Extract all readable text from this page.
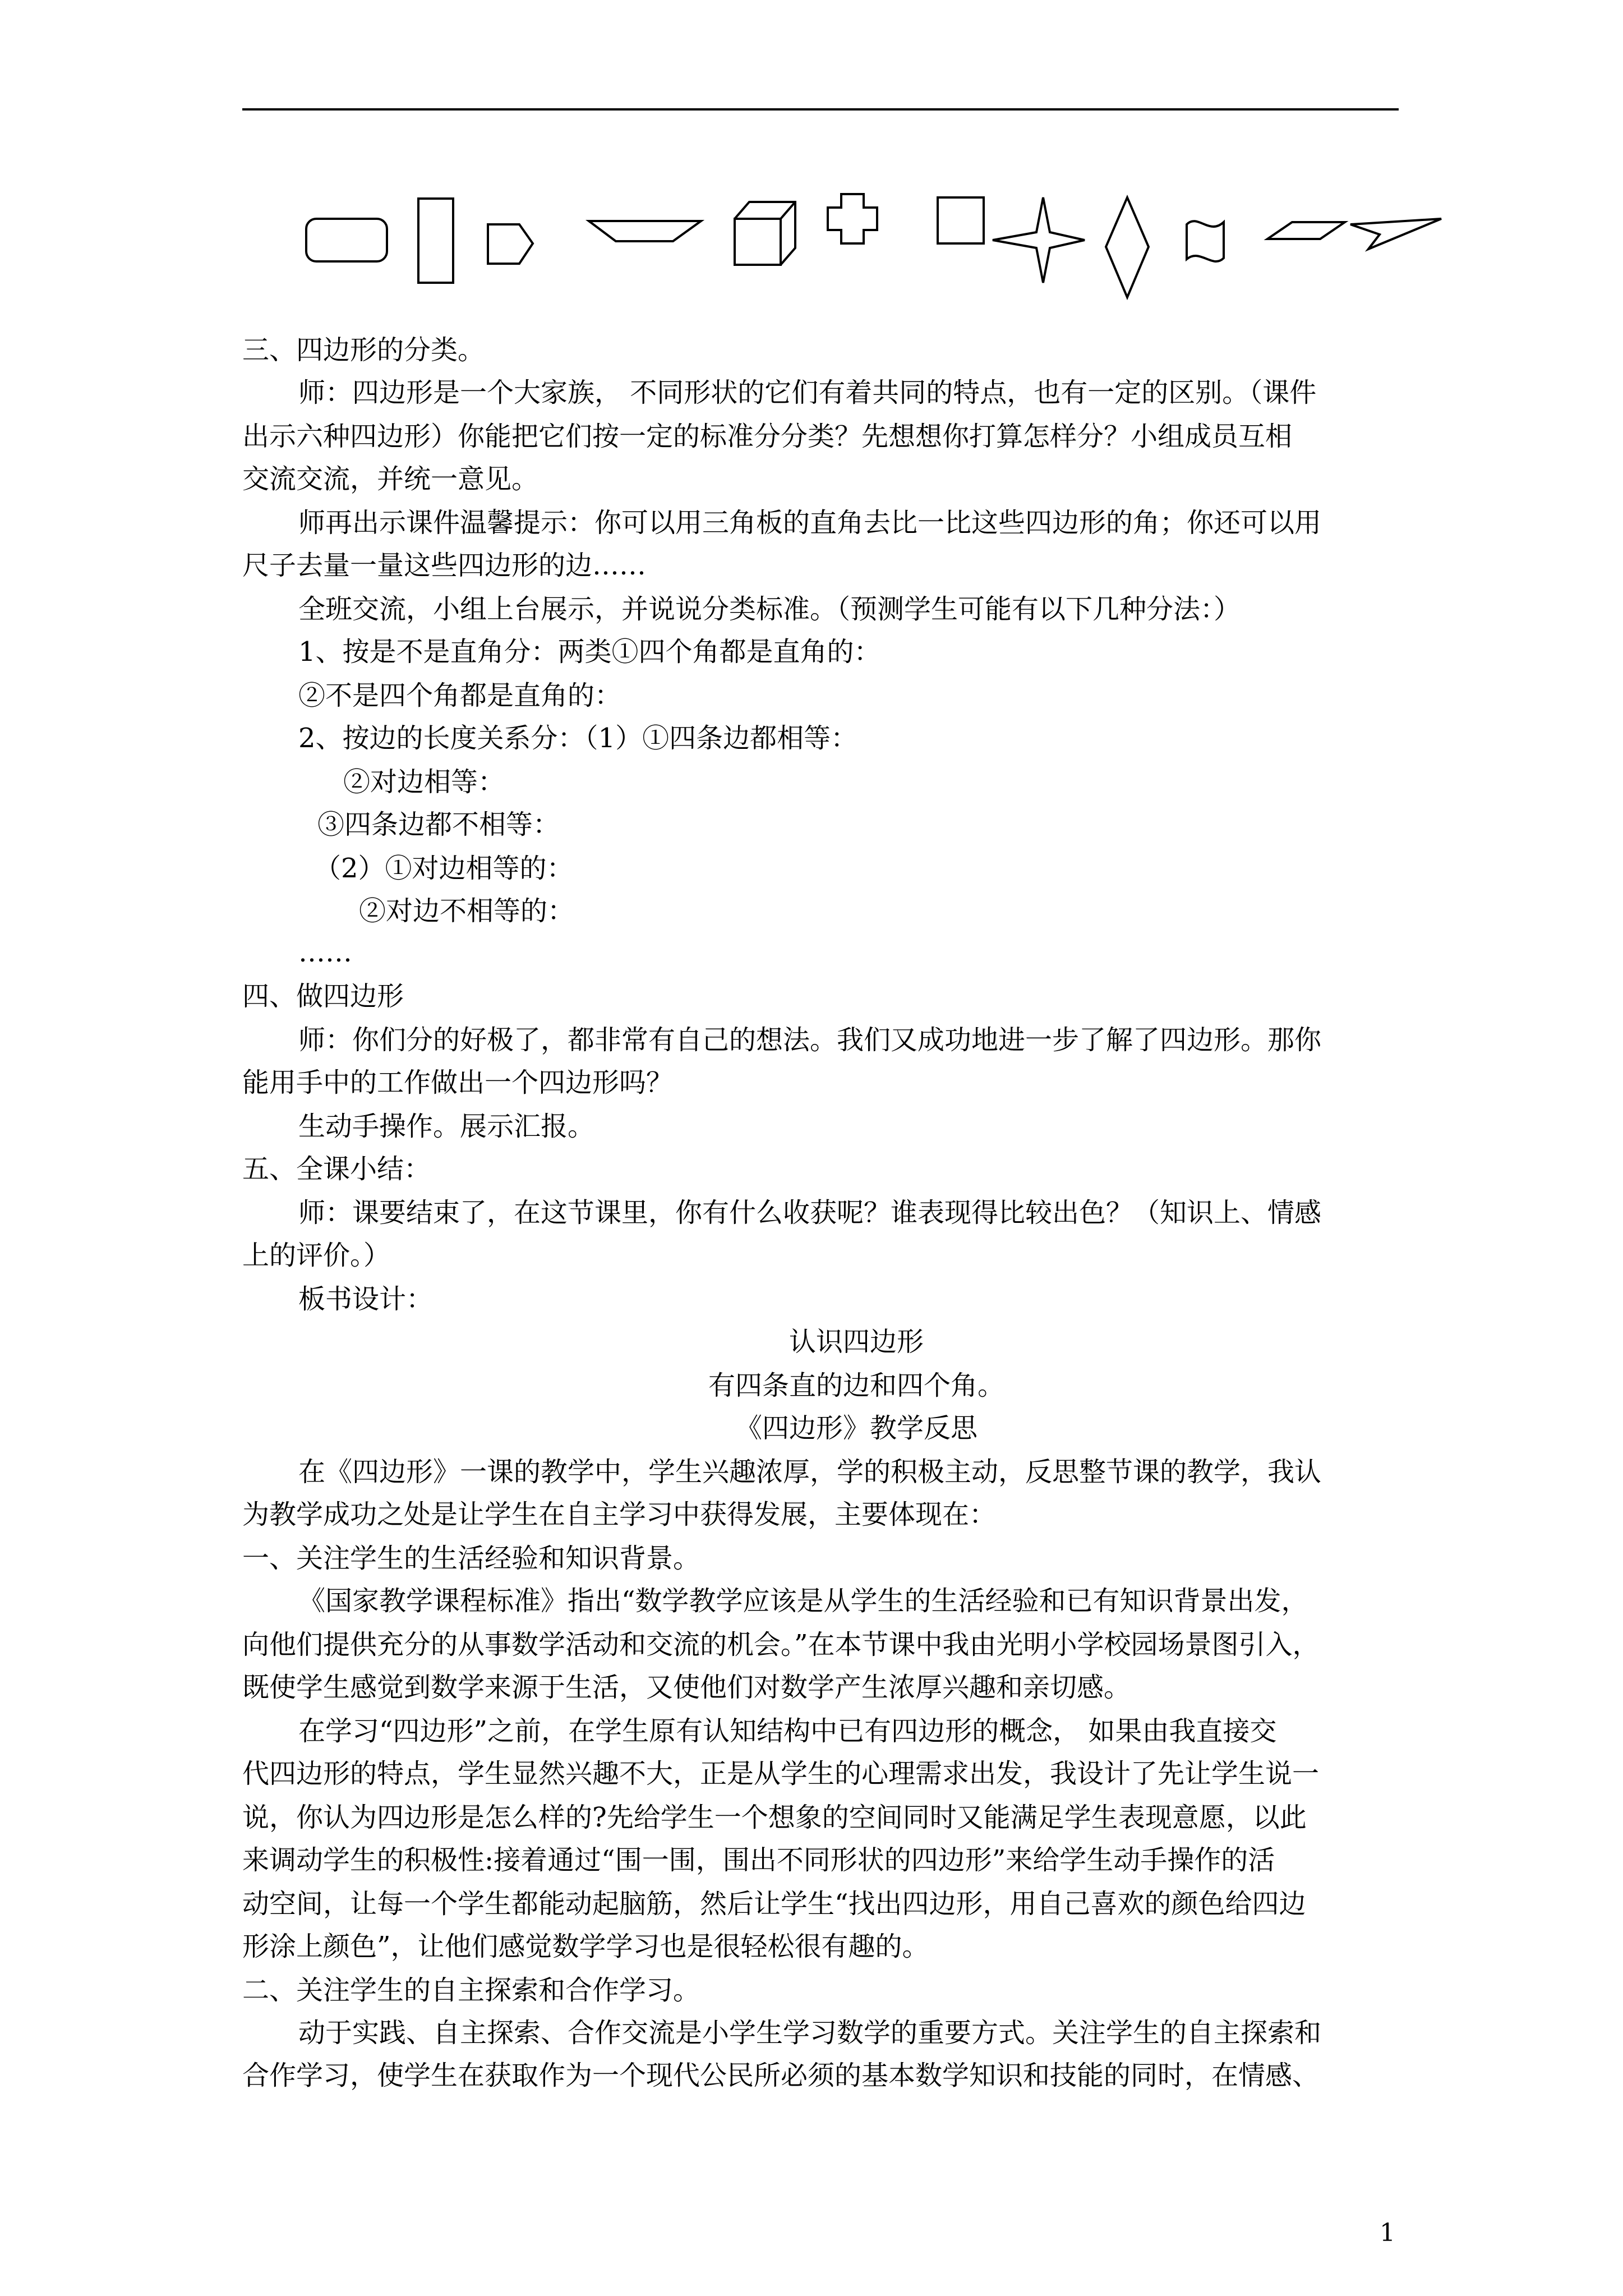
三、四边形的分类。
师：四边形是一个大家族， 不同形状的它们有着共同的特点，也有一定的区别。（课件
出示六种四边形）你能把它们按一定的标准分分类？先想想你打算怎样分？小组成员互相
交流交流，并统一意见。
师再出示课件温馨提示：你可以用三角板的直角去比一比这些四边形的角；你还可以用
尺子去量一量这些四边形的边……
全班交流，小组上台展示，并说说分类标准。（预测学生可能有以下几种分法：）
1、按是不是直角分：两类①四个角都是直角的：
②不是四个角都是直角的：
2、按边的长度关系分：（1）①四条边都相等：
②对边相等：
③四条边都不相等：
（2）①对边相等的：
②对边不相等的：
……
四、做四边形
师：你们分的好极了，都非常有自己的想法。我们又成功地进一步了解了四边形。那你
能用手中的工作做出一个四边形吗？
生动手操作。展示汇报。
五、全课小结：
师：课要结束了，在这节课里，你有什么收获呢？谁表现得比较出色？（知识上、情感
上的评价。）
板书设计：
认识四边形
有四条直的边和四个角。
《四边形》教学反思
在《四边形》一课的教学中，学生兴趣浓厚，学的积极主动，反思整节课的教学，我认
为教学成功之处是让学生在自主学习中获得发展，主要体现在：
一、关注学生的生活经验和知识背景。
《国家教学课程标准》指出“数学教学应该是从学生的生活经验和已有知识背景出发，
向他们提供充分的从事数学活动和交流的机会。”在本节课中我由光明小学校园场景图引入，
既使学生感觉到数学来源于生活，又使他们对数学产生浓厚兴趣和亲切感。
在学习“四边形”之前，在学生原有认知结构中已有四边形的概念， 如果由我直接交
代四边形的特点，学生显然兴趣不大，正是从学生的心理需求出发，我设计了先让学生说一
说，你认为四边形是怎么样的?先给学生一个想象的空间同时又能满足学生表现意愿，以此
来调动学生的积极性:接着通过“围一围，围出不同形状的四边形”来给学生动手操作的活
动空间，让每一个学生都能动起脑筋，然后让学生“找出四边形，用自己喜欢的颜色给四边
形涂上颜色”，让他们感觉数学学习也是很轻松很有趣的。
二、关注学生的自主探索和合作学习。
动于实践、自主探索、合作交流是小学生学习数学的重要方式。关注学生的自主探索和
合作学习，使学生在获取作为一个现代公民所必须的基本数学知识和技能的同时，在情感、
1
